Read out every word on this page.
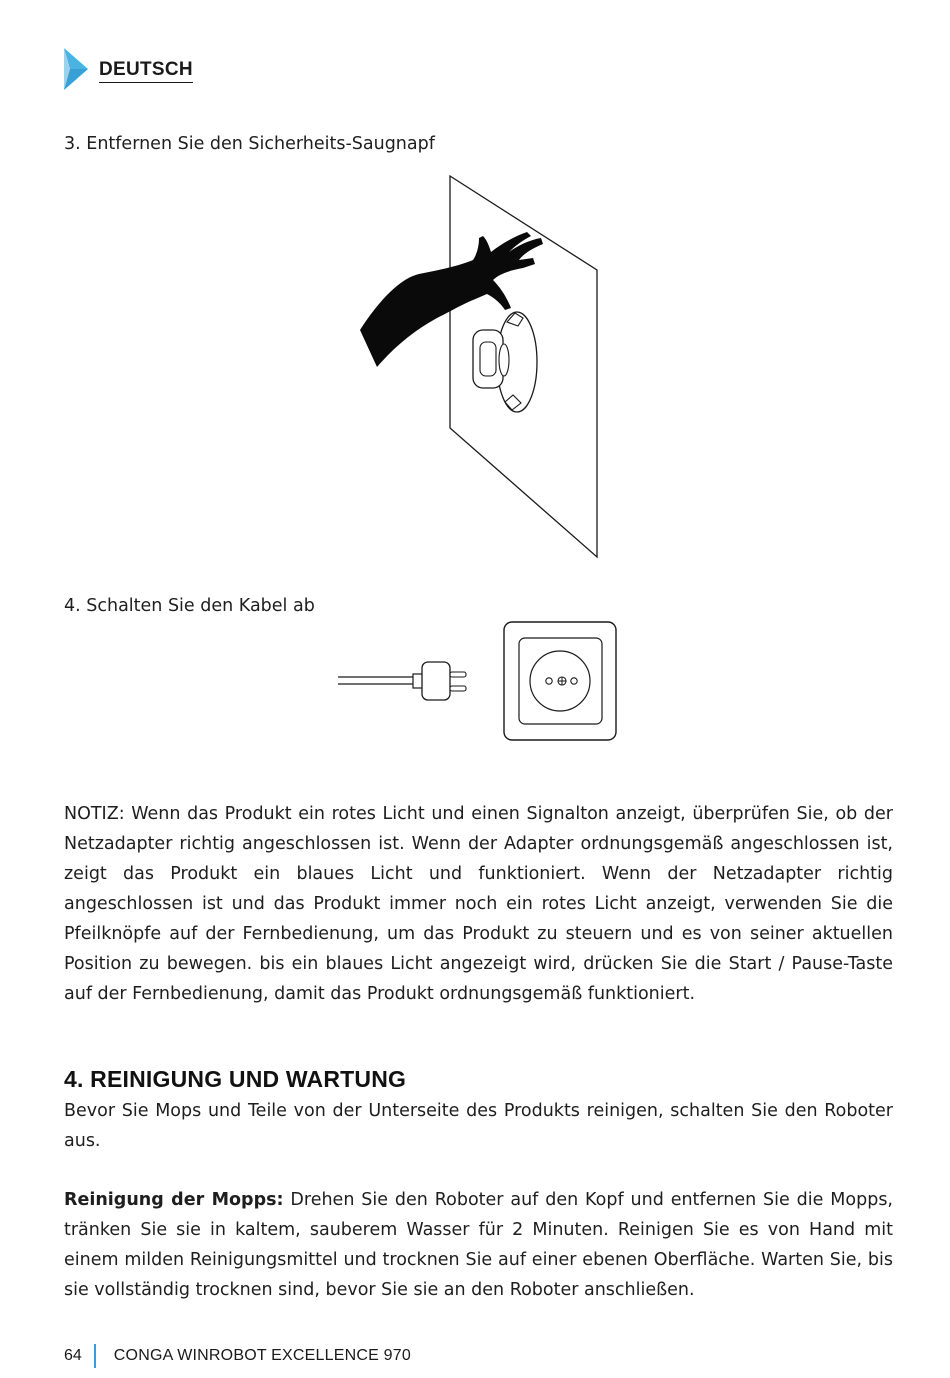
DEUTSCH
3. Entfernen Sie den Sicherheits-Saugnapf
4. Schalten Sie den Kabel ab
NOTIZ: Wenn das Produkt ein rotes Licht und einen Signalton anzeigt, überprüfen Sie, ob der Netzadapter richtig angeschlossen ist. Wenn der Adapter ordnungsgemäß angeschlossen ist, zeigt das Produkt ein blaues Licht und funktioniert. Wenn der Netzadapter richtig angeschlossen ist und das Produkt immer noch ein rotes Licht anzeigt, verwenden Sie die Pfeilknöpfe auf der Fernbedienung, um das Produkt zu steuern und es von seiner aktuellen Position zu bewegen. bis ein blaues Licht angezeigt wird, drücken Sie die Start / Pause-Taste auf der Fernbedienung, damit das Produkt ordnungsgemäß funktioniert.
4. REINIGUNG UND WARTUNG
Bevor Sie Mops und Teile von der Unterseite des Produkts reinigen, schalten Sie den Roboter aus.
Reinigung der Mopps: Drehen Sie den Roboter auf den Kopf und entfernen Sie die Mopps, tränken Sie sie in kaltem, sauberem Wasser für 2 Minuten. Reinigen Sie es von Hand mit einem milden Reinigungsmittel und trocknen Sie auf einer ebenen Oberfläche. Warten Sie, bis sie vollständig trocknen sind, bevor Sie sie an den Roboter anschließen.
64 CONGA WINROBOT EXCELLENCE 970
